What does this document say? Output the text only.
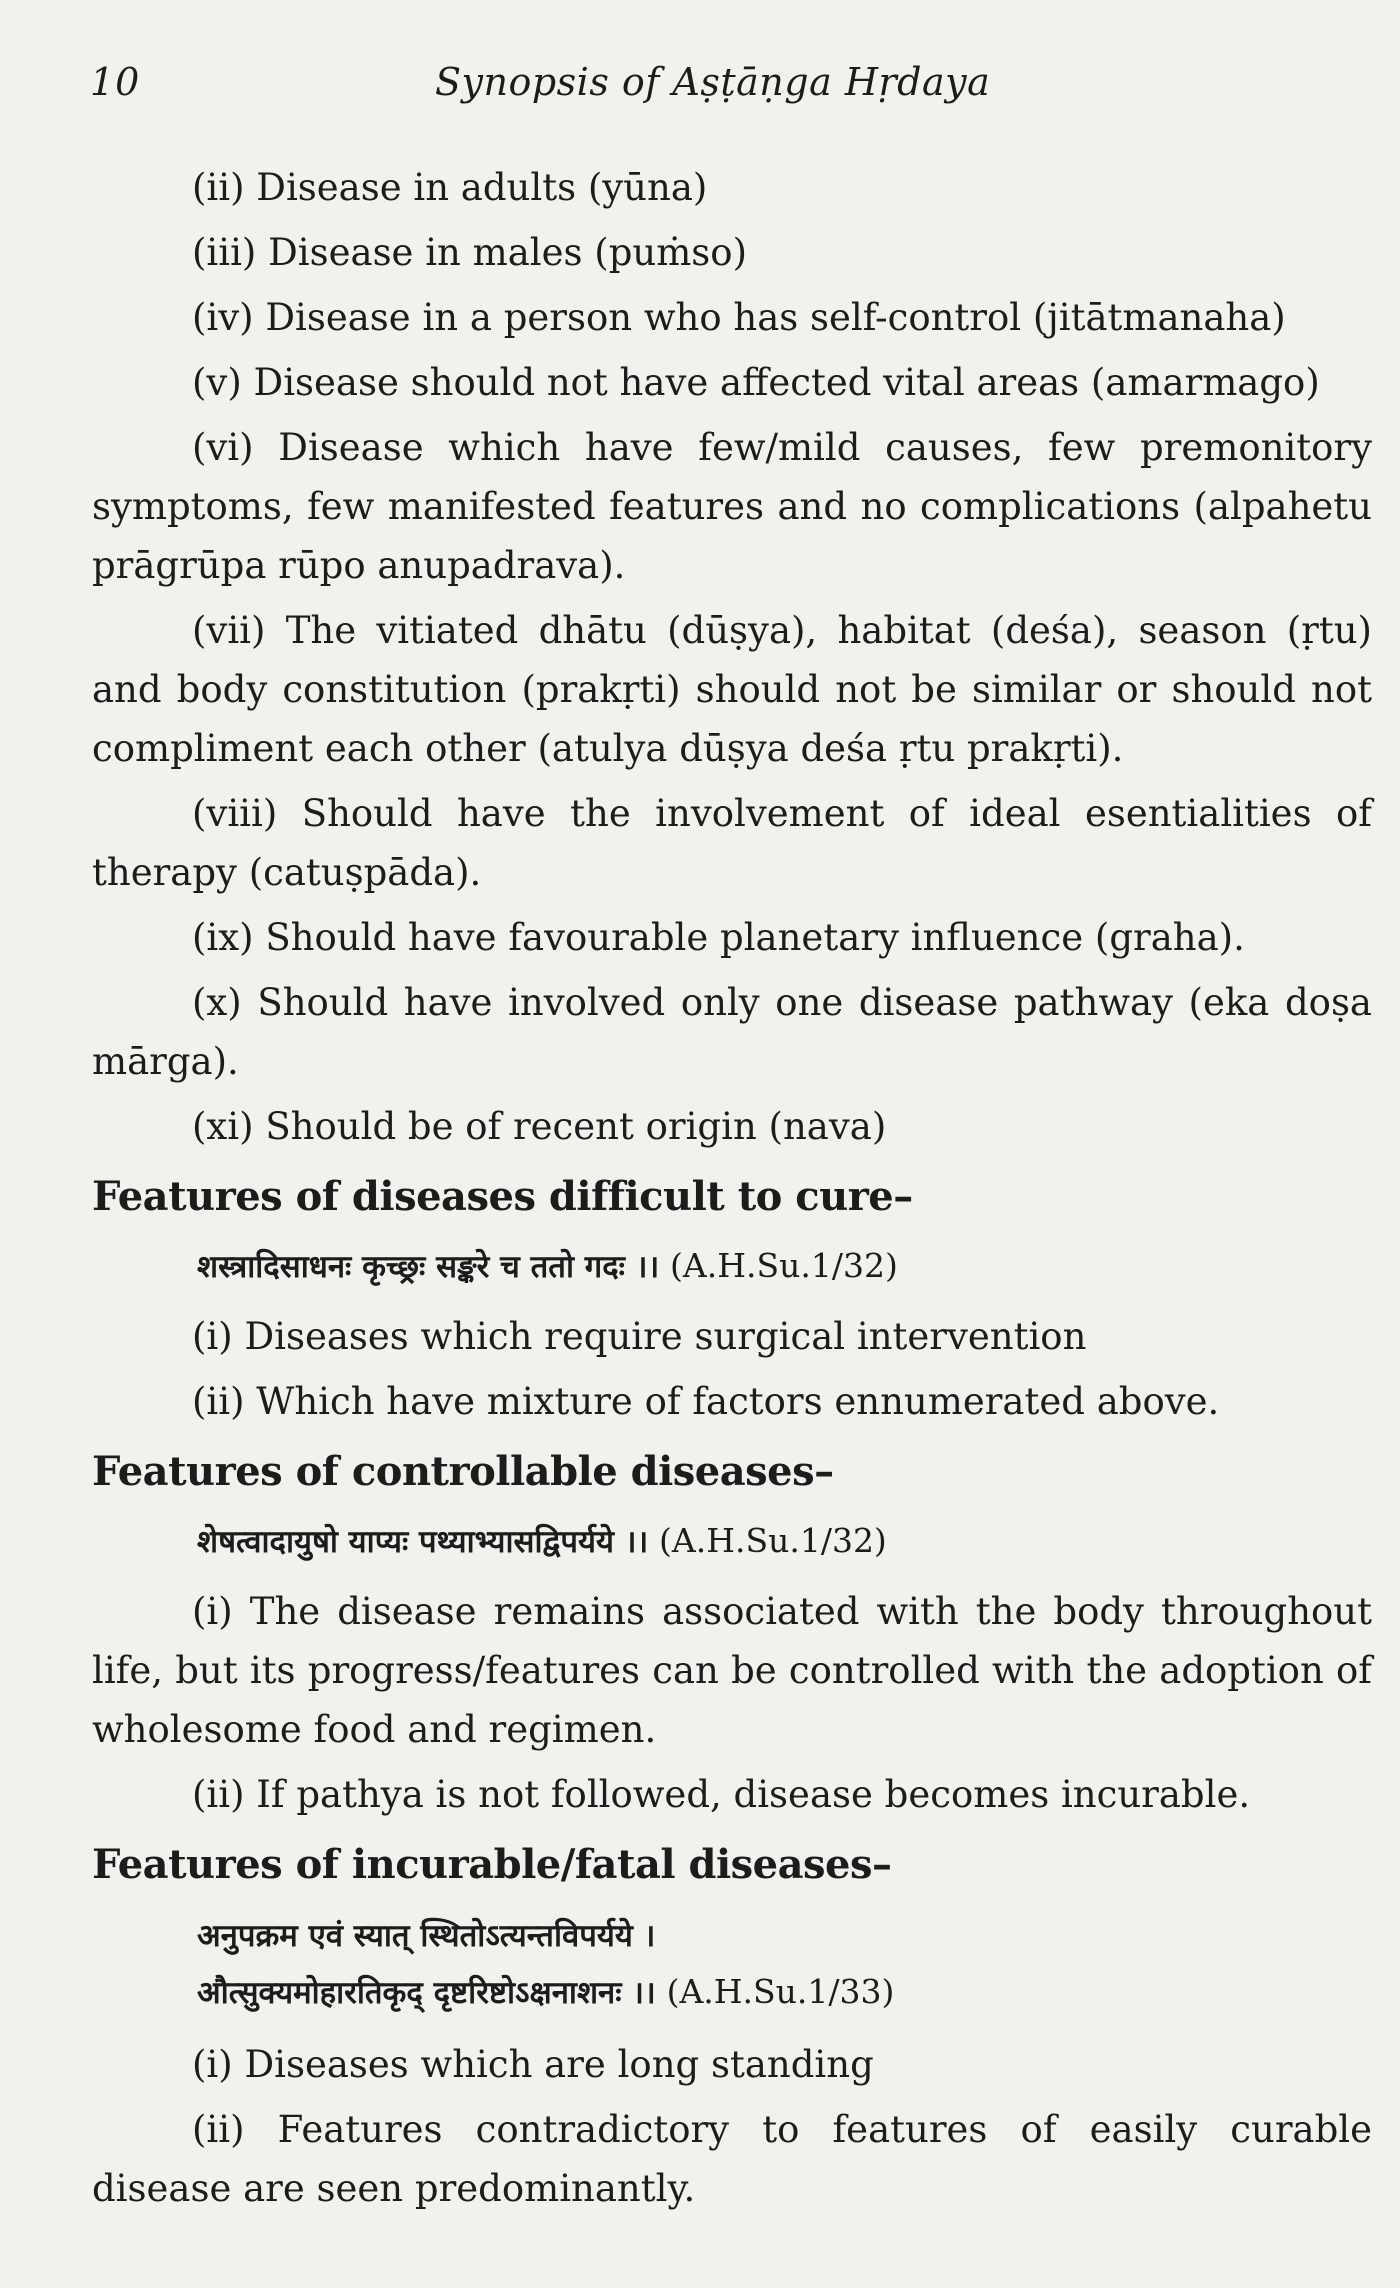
10	Synopsis of Aṣṭāṇga Hṛdaya

(ii) Disease in adults (yūna)

(iii) Disease in males (puṁso)

(iv) Disease in a person who has self-control (jitātmanaha)

(v) Disease should not have affected vital areas (amarmago)

(vi) Disease which have few/mild causes, few premonitory symptoms, few manifested features and no complications (alpahetu prāgrūpa rūpo anupadrava).

(vii) The vitiated dhātu (dūṣya), habitat (deśa), season (ṛtu) and body constitution (prakṛti) should not be similar or should not compliment each other (atulya dūṣya deśa ṛtu prakṛti).

(viii) Should have the involvement of ideal esentialities of therapy (catuṣpāda).

(ix) Should have favourable planetary influence (graha).

(x) Should have involved only one disease pathway (eka doṣa mārga).

(xi) Should be of recent origin (nava)

Features of diseases difficult to cure–

शस्त्रादिसाधनः कृच्छ्रः सङ्करे च ततो गदः ।। (A.H.Su.1/32)

(i) Diseases which require surgical intervention

(ii) Which have mixture of factors ennumerated above.

Features of controllable diseases–

शेषत्वादायुषो याप्यः पथ्याभ्यासद्विपर्यये ।। (A.H.Su.1/32)

(i) The disease remains associated with the body throughout life, but its progress/features can be controlled with the adoption of wholesome food and regimen.

(ii) If pathya is not followed, disease becomes incurable.

Features of incurable/fatal diseases–

अनुपक्रम एवं स्यात् स्थितोऽत्यन्तविपर्यये ।

औत्सुक्यमोहारतिकृद् दृष्टरिष्टोऽक्षनाशनः ।। (A.H.Su.1/33)

(i) Diseases which are long standing

(ii) Features contradictory to features of easily curable disease are seen predominantly.
